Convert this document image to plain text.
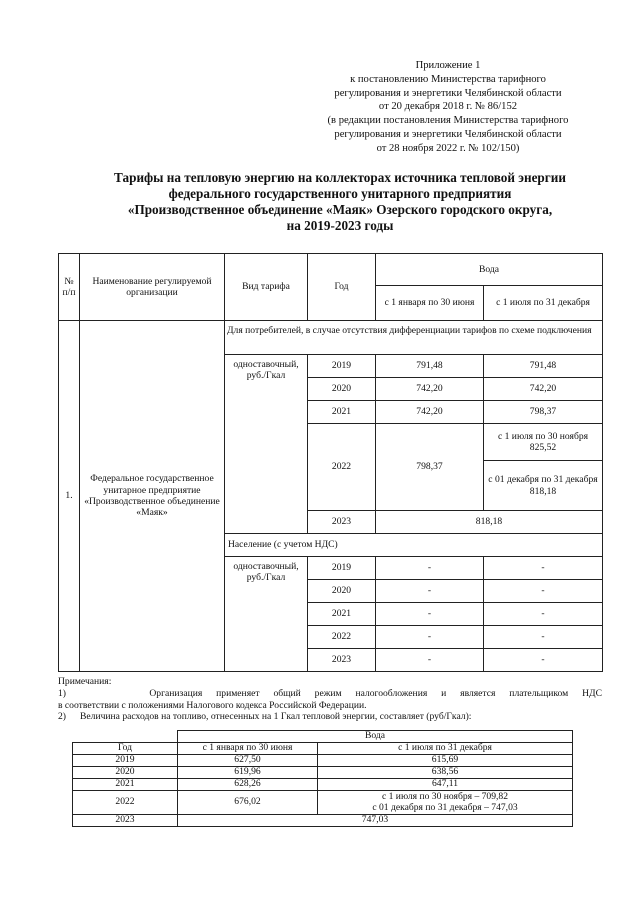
Приложение 1
к постановлению Министерства тарифного
регулирования и энергетики Челябинской области
от 20 декабря 2018 г. № 86/152
(в редакции постановления Министерства тарифного
регулирования и энергетики Челябинской области
от 28 ноября 2022 г. № 102/150)
Тарифы на тепловую энергию на коллекторах источника тепловой энергии
федерального государственного унитарного предприятия
«Производственное объединение «Маяк» Озерского городского округа,
на 2019-2023 годы
№ п/п	Наименование регулируемой организации	Вид тарифа	Год	Вода	
				с 1 января по 30 июня	с 1 июля по 31 декабря
1.	Федеральное государственное унитарное предприятие «Производственное объединение «Маяк»	Для потребителей, в случае отсутствия дифференциации тарифов по схеме подключения			
		одноставочный, руб./Гкал	2019	791,48	791,48
			2020	742,20	742,20
			2021	742,20	798,37
			2022	798,37	с 1 июля по 30 ноября
825,52

					с 01 декабря по 31 декабря
818,18

			2023	818,18	
		Население (с учетом НДС)			
		одноставочный, руб./Гкал	2019	-	-
			2020	-	-
			2021	-	-
			2022	-	-
			2023	-	-
Примечания:
1)	Организация применяет общий режим налогообложения и является плательщиком НДС
в соответствии с положениями Налогового кодекса Российской Федерации.
2) Величина расходов на топливо, отнесенных на 1 Гкал тепловой энергии, составляет (руб/Гкал):
	Вода	
Год	с 1 января по 30 июня	с 1 июля по 31 декабря
2019	627,50	615,69
2020	619,96	638,56
2021	628,26	647,11
2022	676,02	с 1 июля по 30 ноября – 709,82
с 01 декабря по 31 декабря – 747,03

2023	747,03	
